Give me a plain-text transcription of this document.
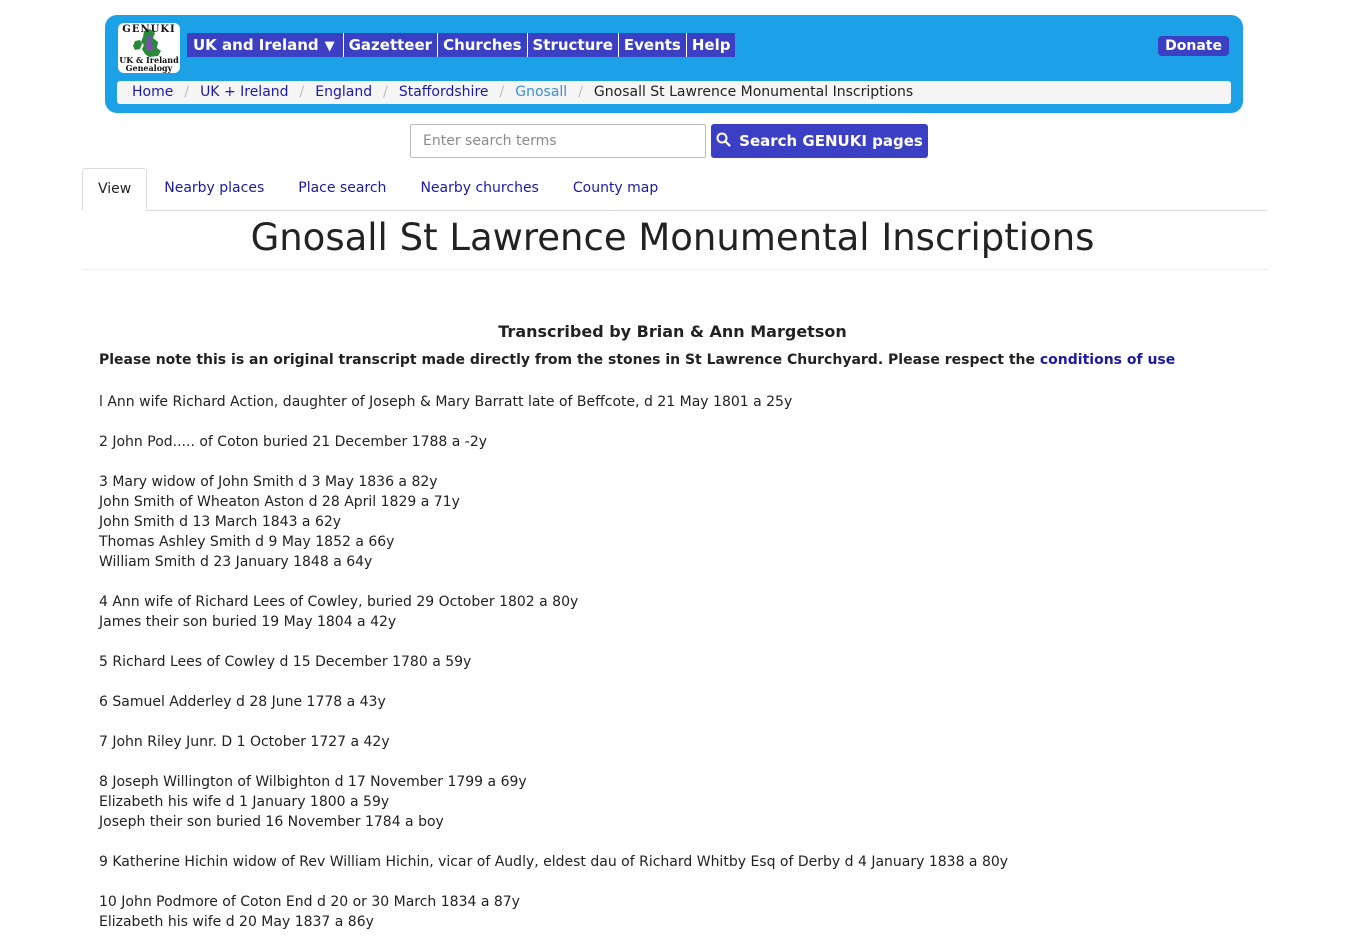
GENUKI
UK & Ireland
Genealogy
UK and Ireland ▼ Gazetteer Churches Structure Events Help	Donate
Home / UK + Ireland / England / Staffordshire / Gnosall / Gnosall St Lawrence Monumental Inscriptions
Enter search terms
Search GENUKI pages
View	Nearby places	Place search	Nearby churches	County map
Gnosall St Lawrence Monumental Inscriptions
Transcribed by Brian & Ann Margetson
Please note this is an original transcript made directly from the stones in St Lawrence Churchyard. Please respect the conditions of use
l Ann wife Richard Action, daughter of Joseph & Mary Barratt late of Beffcote, d 21 May 1801 a 25y
2 John Pod..... of Coton buried 21 December 1788 a -2y
3 Mary widow of John Smith d 3 May 1836 a 82y
John Smith of Wheaton Aston d 28 April 1829 a 71y
John Smith d 13 March 1843 a 62y
Thomas Ashley Smith d 9 May 1852 a 66y
William Smith d 23 January 1848 a 64y
4 Ann wife of Richard Lees of Cowley, buried 29 October 1802 a 80y
James their son buried 19 May 1804 a 42y
5 Richard Lees of Cowley d 15 December 1780 a 59y
6 Samuel Adderley d 28 June 1778 a 43y
7 John Riley Junr. D 1 October 1727 a 42y
8 Joseph Willington of Wilbighton d 17 November 1799 a 69y
Elizabeth his wife d 1 January 1800 a 59y
Joseph their son buried 16 November 1784 a boy
9 Katherine Hichin widow of Rev William Hichin, vicar of Audly, eldest dau of Richard Whitby Esq of Derby d 4 January 1838 a 80y
10 John Podmore of Coton End d 20 or 30 March 1834 a 87y
Elizabeth his wife d 20 May 1837 a 86y
